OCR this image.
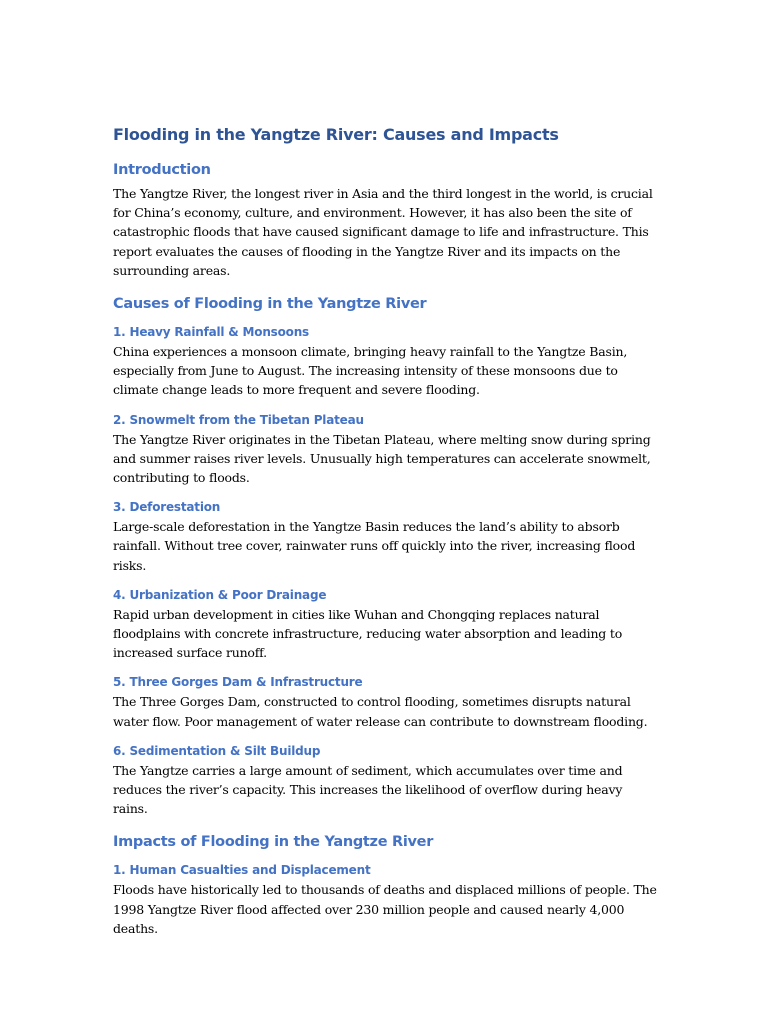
Flooding in the Yangtze River: Causes and Impacts
Introduction

The Yangtze River, the longest river in Asia and the third longest in the world, is crucial for China’s economy, culture, and environment. However, it has also been the site of catastrophic floods that have caused significant damage to life and infrastructure. This report evaluates the causes of flooding in the Yangtze River and its impacts on the surrounding areas.

Causes of Flooding in the Yangtze River
1. Heavy Rainfall & Monsoons

China experiences a monsoon climate, bringing heavy rainfall to the Yangtze Basin, especially from June to August. The increasing intensity of these monsoons due to climate change leads to more frequent and severe flooding.

2. Snowmelt from the Tibetan Plateau

The Yangtze River originates in the Tibetan Plateau, where melting snow during spring and summer raises river levels. Unusually high temperatures can accelerate snowmelt, contributing to floods.

3. Deforestation

Large-scale deforestation in the Yangtze Basin reduces the land’s ability to absorb rainfall. Without tree cover, rainwater runs off quickly into the river, increasing flood risks.

4. Urbanization & Poor Drainage

Rapid urban development in cities like Wuhan and Chongqing replaces natural floodplains with concrete infrastructure, reducing water absorption and leading to increased surface runoff.

5. Three Gorges Dam & Infrastructure

The Three Gorges Dam, constructed to control flooding, sometimes disrupts natural water flow. Poor management of water release can contribute to downstream flooding.

6. Sedimentation & Silt Buildup

The Yangtze carries a large amount of sediment, which accumulates over time and reduces the river’s capacity. This increases the likelihood of overflow during heavy rains.

Impacts of Flooding in the Yangtze River
1. Human Casualties and Displacement

Floods have historically led to thousands of deaths and displaced millions of people. The 1998 Yangtze River flood affected over 230 million people and caused nearly 4,000 deaths.
